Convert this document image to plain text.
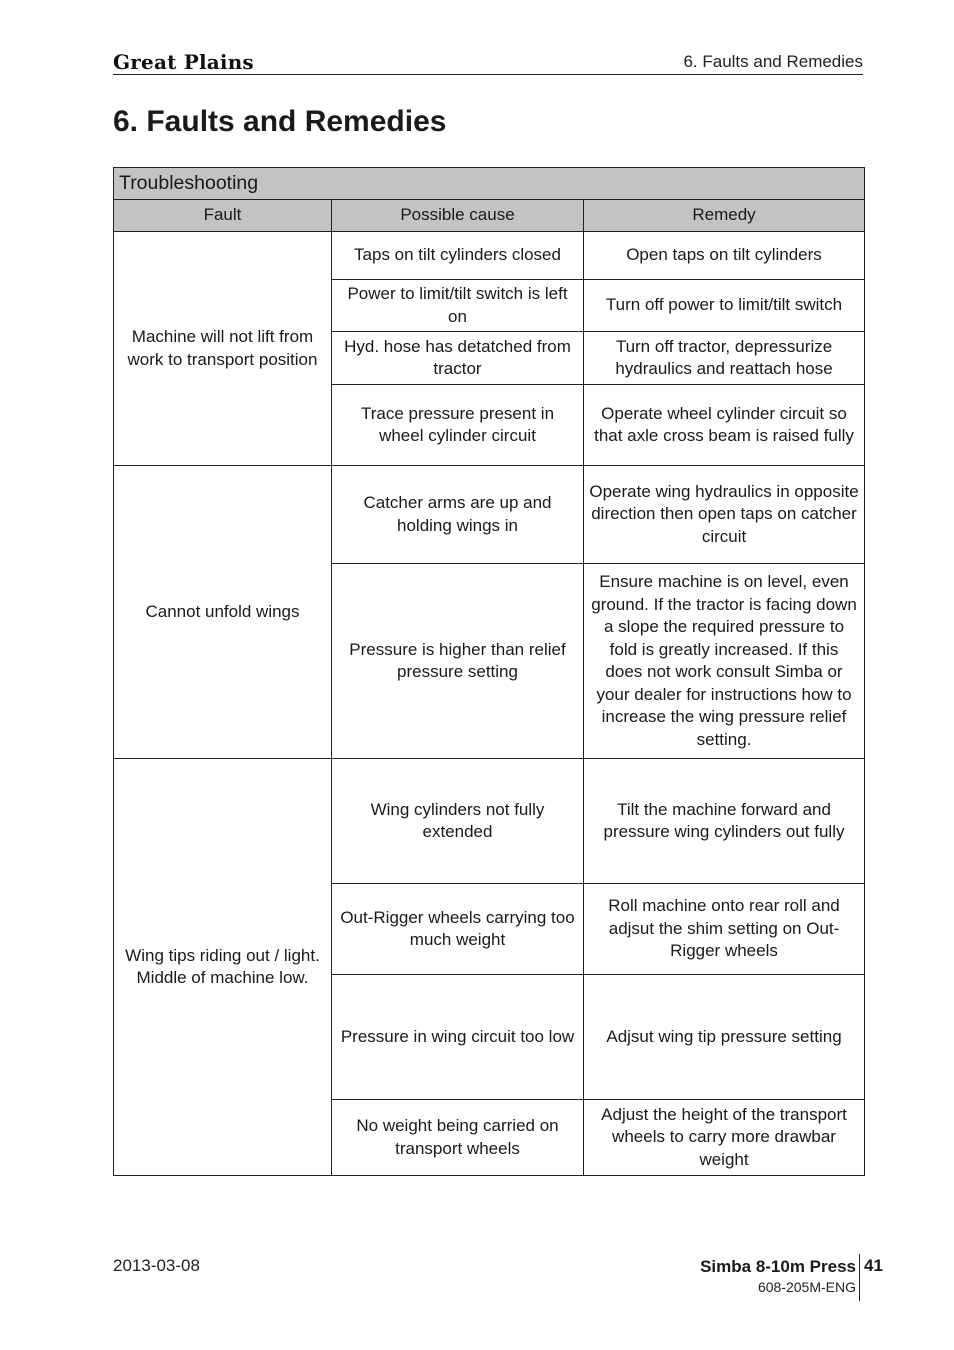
Great Plains	6. Faults and Remedies
6. Faults and Remedies
Troubleshooting		
Fault	Possible cause	Remedy
Machine will not lift from work to transport position	Taps on tilt cylinders closed	Open taps on tilt cylinders
	Power to limit/tilt switch is left on	Turn off power to limit/tilt switch
	Hyd. hose has detatched from tractor	Turn off tractor, depressurize hydraulics and reattach hose
	Trace pressure present in wheel cylinder circuit	Operate wheel cylinder circuit so that axle cross beam is raised fully
Cannot unfold wings	Catcher arms are up and holding wings in	Operate wing hydraulics in opposite direction then open taps on catcher circuit
	Pressure is higher than relief pressure setting	Ensure machine is on level, even ground. If the tractor is facing down a slope the required pressure to fold is greatly increased. If this does not work consult Simba or your dealer for instructions how to increase the wing pressure relief setting.
Wing tips riding out / light. Middle of machine low.	Wing cylinders not fully extended	Tilt the machine forward and pressure wing cylinders out fully
	Out-Rigger wheels carrying too much weight	Roll machine onto rear roll and adjsut the shim setting on Out-Rigger wheels
	Pressure in wing circuit too low	Adjsut wing tip pressure setting
	No weight being carried on transport wheels	Adjust the height of the transport wheels to carry more drawbar weight
2013-03-08	Simba 8-10m Press
608-205M-ENG
41
